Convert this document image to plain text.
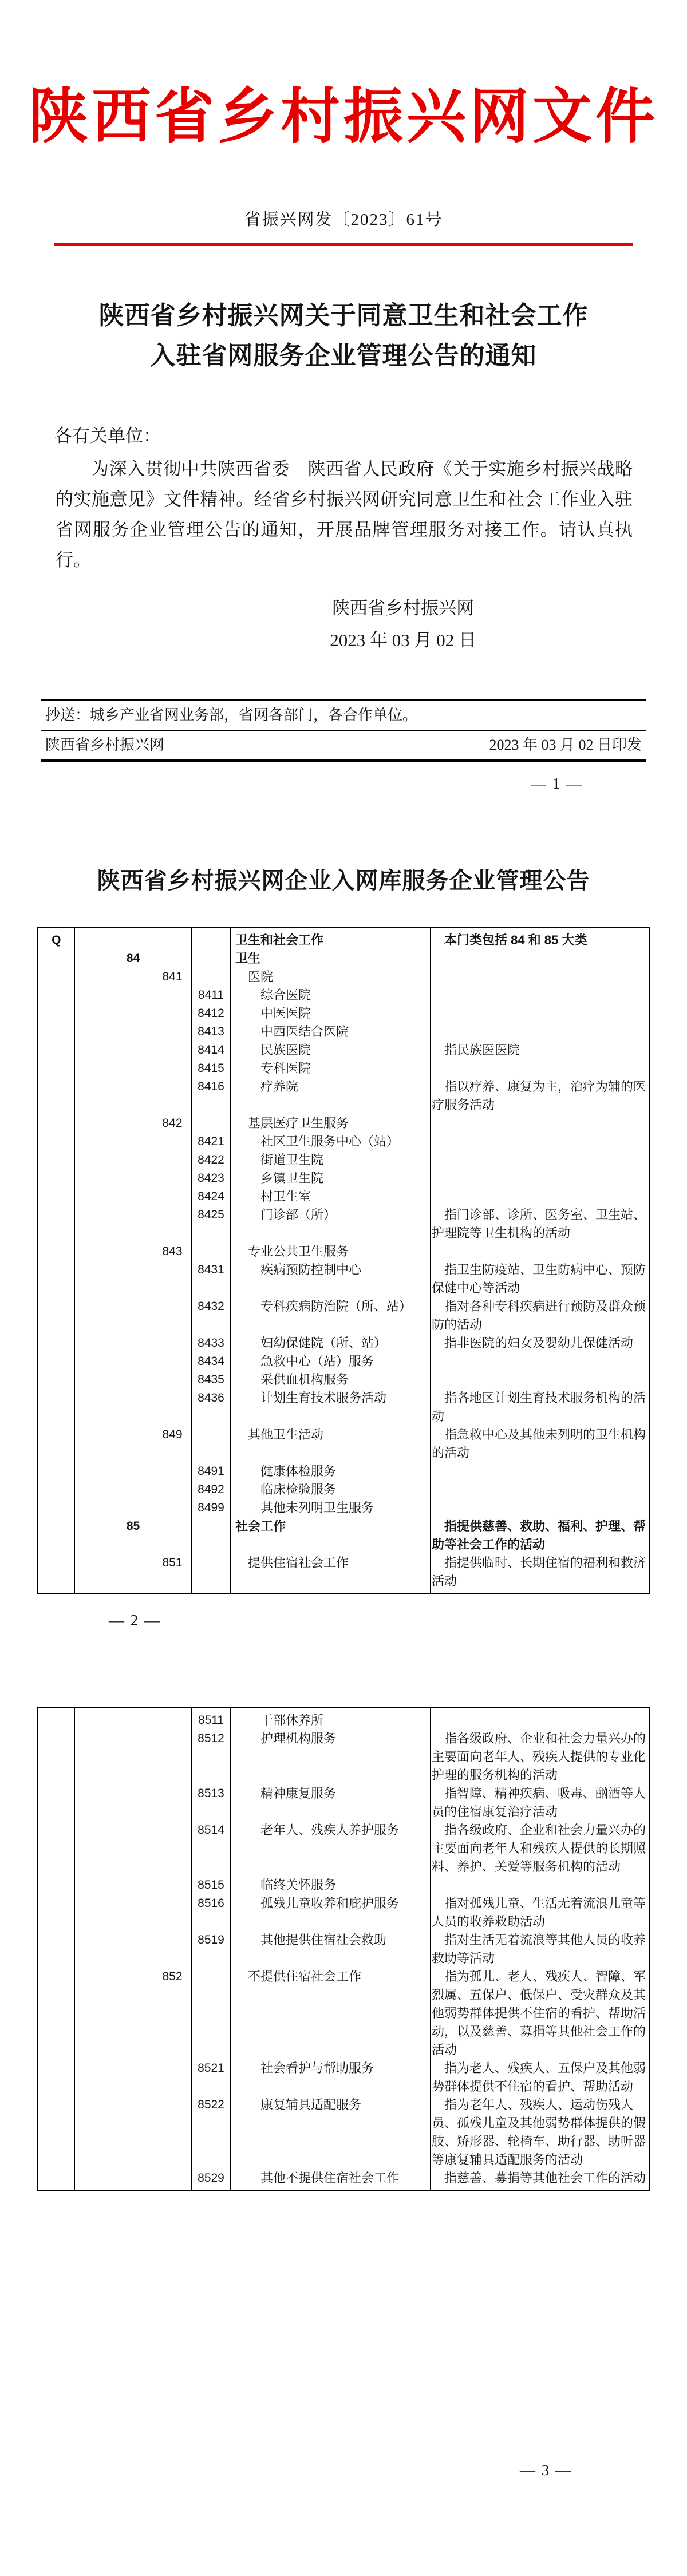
陕西省乡村振兴网文件
省振兴网发〔2023〕61号
陕西省乡村振兴网关于同意卫生和社会工作
入驻省网服务企业管理公告的通知
各有关单位：
为深入贯彻中共陕西省委　陕西省人民政府《关于实施乡村振兴战略的实施意见》文件精神。经省乡村振兴网研究同意卫生和社会工作业入驻省网服务企业管理公告的通知，开展品牌管理服务对接工作。请认真执行。
陕西省乡村振兴网
2023 年 03 月 02 日
抄送：城乡产业省网业务部，省网各部门，各合作单位。
陕西省乡村振兴网	2023 年 03 月 02 日印发
— 1 —
陕西省乡村振兴网企业入网库服务企业管理公告
Q					卫生和社会工作	本门类包括 84 和 85 大类
		84			卫生	
			841		医院	
				8411	综合医院	
				8412	中医医院	
				8413	中西医结合医院	
				8414	民族医院	指民族医医院
				8415	专科医院	
				8416	疗养院	指以疗养、康复为主，治疗为辅的医疗服务活动
			842		基层医疗卫生服务	
				8421	社区卫生服务中心（站）	
				8422	街道卫生院	
				8423	乡镇卫生院	
				8424	村卫生室	
				8425	门诊部（所）	指门诊部、诊所、医务室、卫生站、护理院等卫生机构的活动
			843		专业公共卫生服务	
				8431	疾病预防控制中心	指卫生防疫站、卫生防病中心、预防保健中心等活动
				8432	专科疾病防治院（所、站）	指对各种专科疾病进行预防及群众预防的活动
				8433	妇幼保健院（所、站）	指非医院的妇女及婴幼儿保健活动
				8434	急救中心（站）服务	
				8435	采供血机构服务	
				8436	计划生育技术服务活动	指各地区计划生育技术服务机构的活动
			849		其他卫生活动	指急救中心及其他未列明的卫生机构的活动
				8491	健康体检服务	
				8492	临床检验服务	
				8499	其他未列明卫生服务	
		85			社会工作	指提供慈善、救助、福利、护理、帮助等社会工作的活动
			851		提供住宿社会工作	指提供临时、长期住宿的福利和救济活动
— 2 —
				8511	干部休养所	
				8512	护理机构服务	指各级政府、企业和社会力量兴办的主要面向老年人、残疾人提供的专业化护理的服务机构的活动
				8513	精神康复服务	指智障、精神疾病、吸毒、酗酒等人员的住宿康复治疗活动
				8514	老年人、残疾人养护服务	指各级政府、企业和社会力量兴办的主要面向老年人和残疾人提供的长期照料、养护、关爱等服务机构的活动
				8515	临终关怀服务	
				8516	孤残儿童收养和庇护服务	指对孤残儿童、生活无着流浪儿童等人员的收养救助活动
				8519	其他提供住宿社会救助	指对生活无着流浪等其他人员的收养救助等活动
			852		不提供住宿社会工作	指为孤儿、老人、残疾人、智障、军烈属、五保户、低保户、受灾群众及其他弱势群体提供不住宿的看护、帮助活动，以及慈善、募捐等其他社会工作的活动
				8521	社会看护与帮助服务	指为老人、残疾人、五保户及其他弱势群体提供不住宿的看护、帮助活动
				8522	康复辅具适配服务	指为老年人、残疾人、运动伤残人员、孤残儿童及其他弱势群体提供的假肢、矫形器、轮椅车、助行器、助听器等康复辅具适配服务的活动
				8529	其他不提供住宿社会工作	指慈善、募捐等其他社会工作的活动
— 3 —
